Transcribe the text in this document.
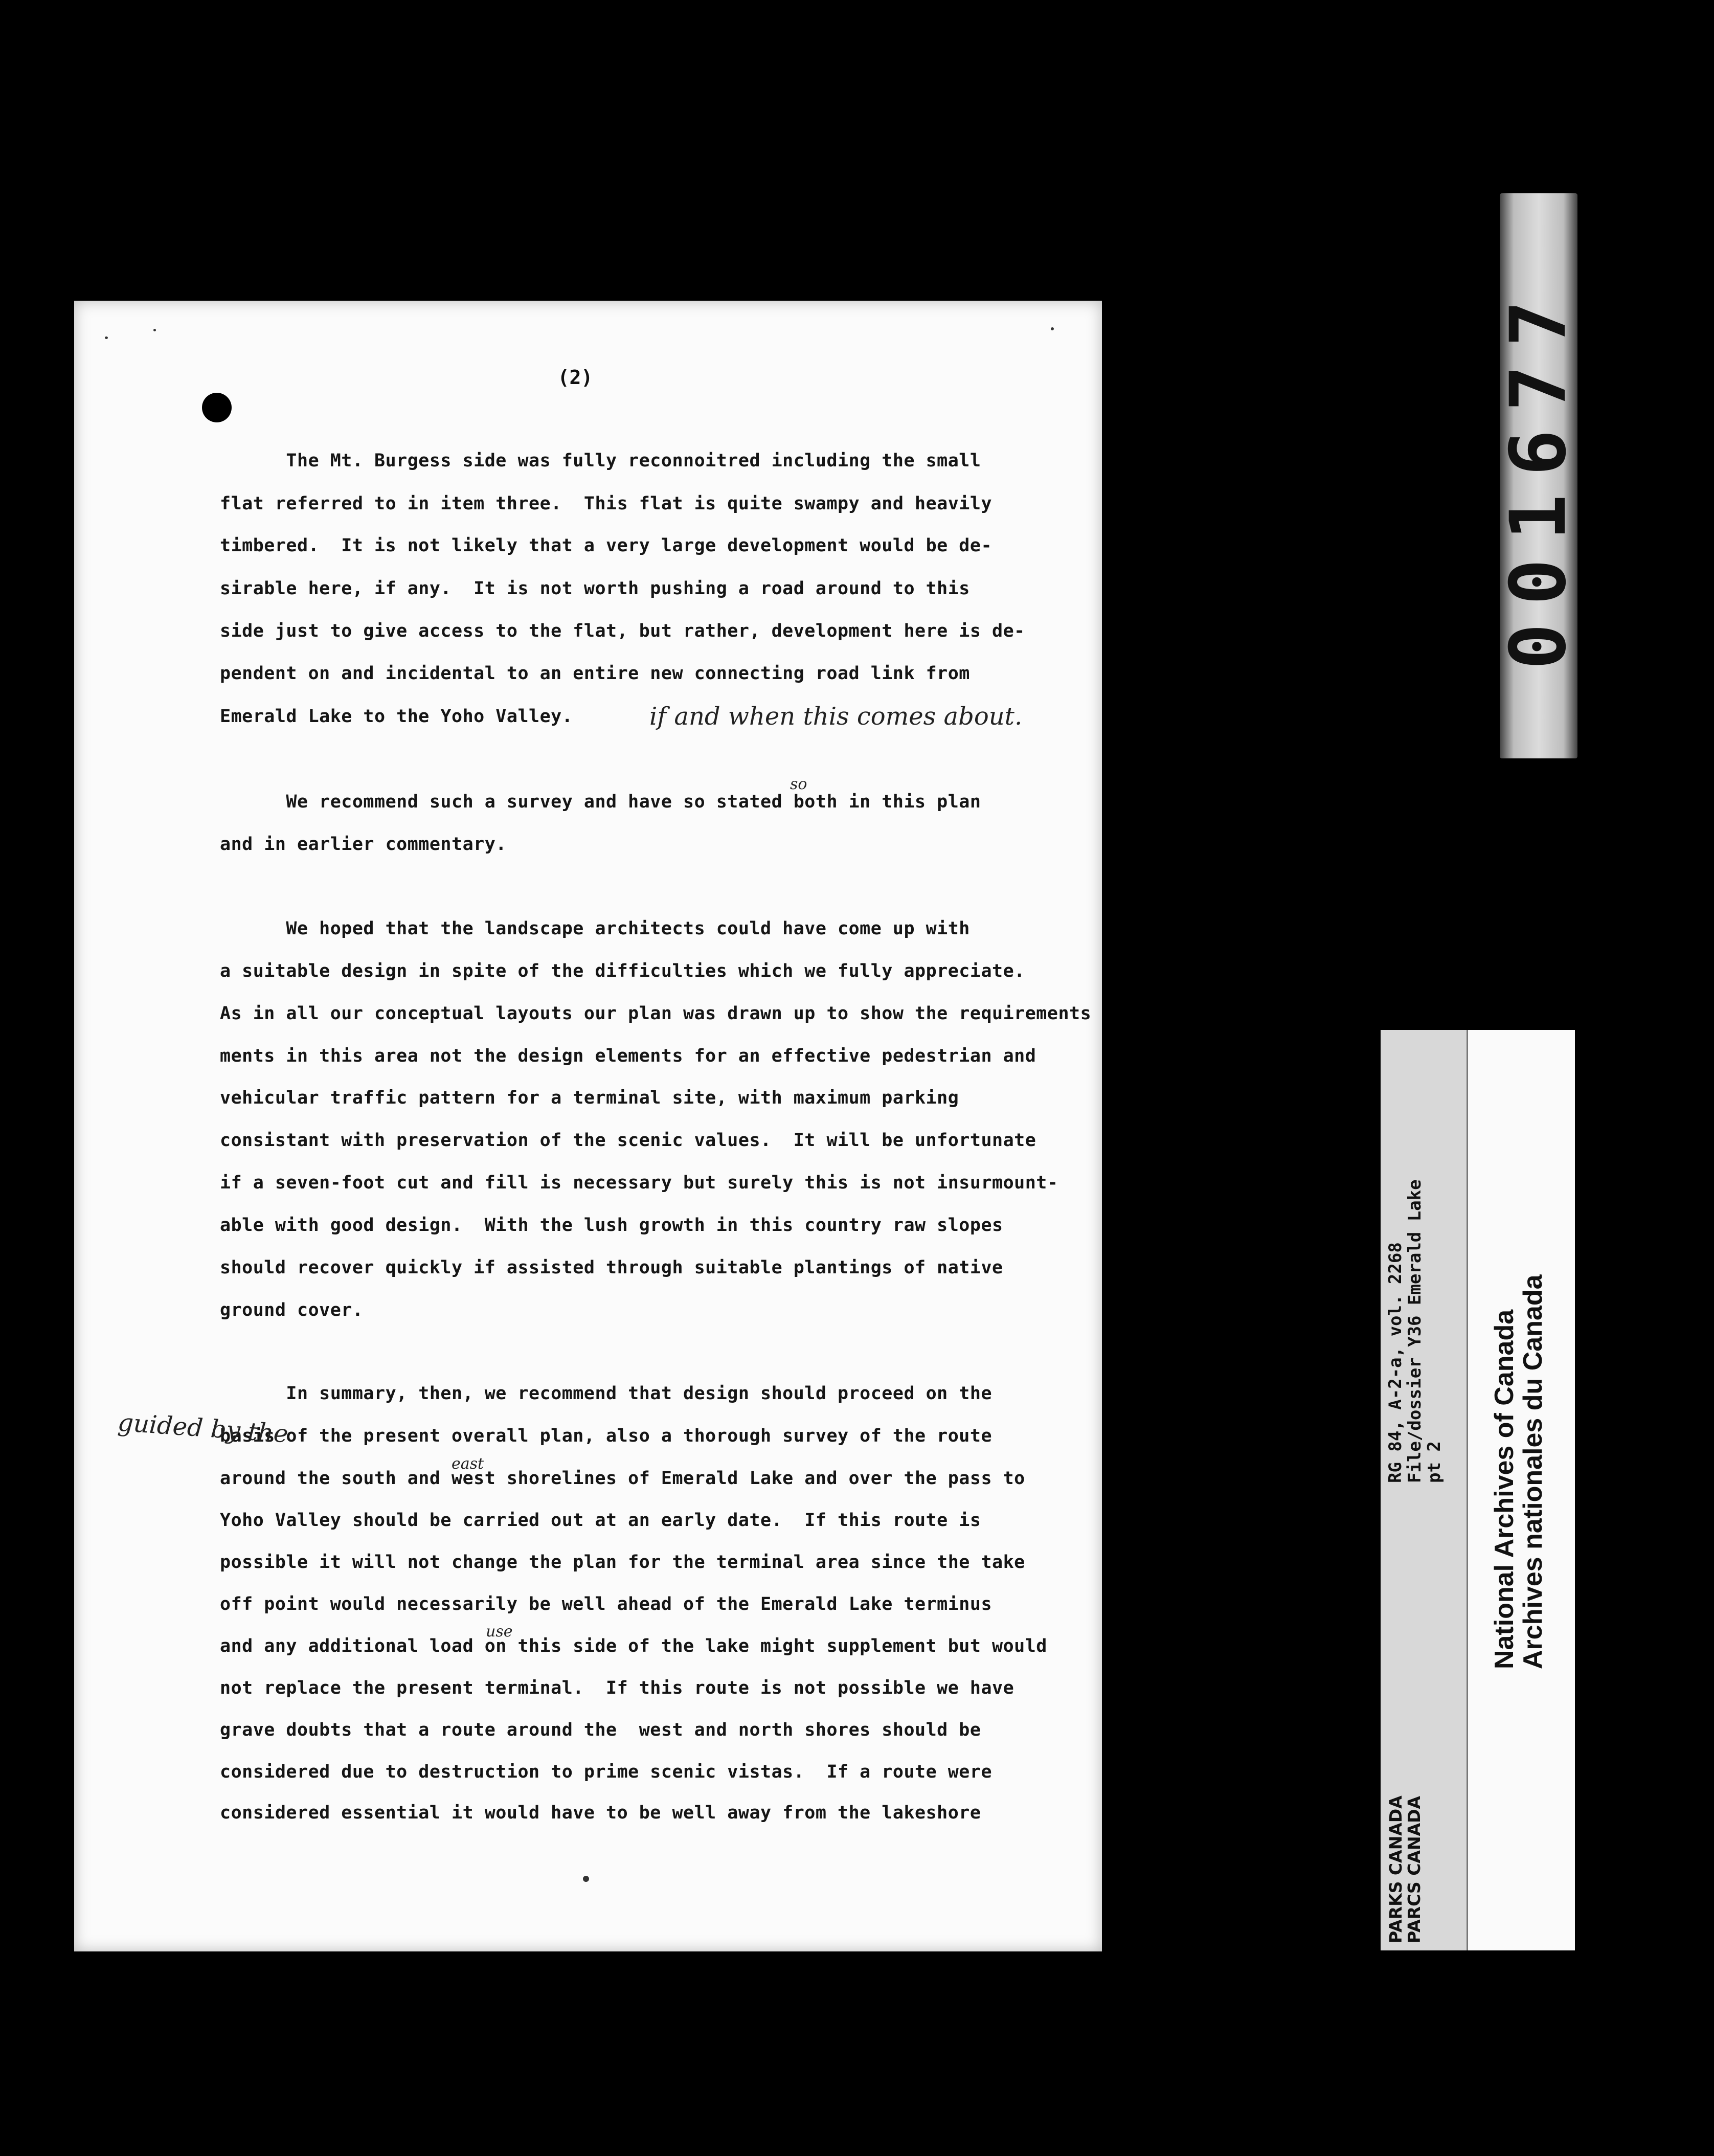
(2)
The Mt. Burgess side was fully reconnoitred including the small
flat referred to in item three.  This flat is quite swampy and heavily
timbered.  It is not likely that a very large development would be de-
sirable here, if any.  It is not worth pushing a road around to this
side just to give access to the flat, but rather, development here is de-
pendent on and incidental to an entire new connecting road link from
Emerald Lake to the Yoho Valley.	if and when this comes about.
We recommend such a survey and have so stated both in this plan
and in earlier commentary.
so
We hoped that the landscape architects could have come up with
a suitable design in spite of the difficulties which we fully appreciate.
As in all our conceptual layouts our plan was drawn up to show the requirements
ments in this area not the design elements for an effective pedestrian and
vehicular traffic pattern for a terminal site, with maximum parking
consistant with preservation of the scenic values.  It will be unfortunate
if a seven-foot cut and fill is necessary but surely this is not insurmount-
able with good design.  With the lush growth in this country raw slopes
should recover quickly if assisted through suitable plantings of native
ground cover.
In summary, then, we recommend that design should proceed on the
basis of the present overall plan, also a thorough survey of the route
around the south and west shorelines of Emerald Lake and over the pass to
Yoho Valley should be carried out at an early date.  If this route is
possible it will not change the plan for the terminal area since the take
off point would necessarily be well ahead of the Emerald Lake terminus
and any additional load on this side of the lake might supplement but would
not replace the present terminal.  If this route is not possible we have
grave doubts that a route around the  west and north shores should be
considered due to destruction to prime scenic vistas.  If a route were
considered essential it would have to be well away from the lakeshore
guided by the
east
use
001677
RG 84, A-2-a, vol. 2268
File/dossier Y36 Emerald Lake
pt 2
PARKS CANADA
PARCS CANADA
National Archives of Canada
Archives nationales du Canada
